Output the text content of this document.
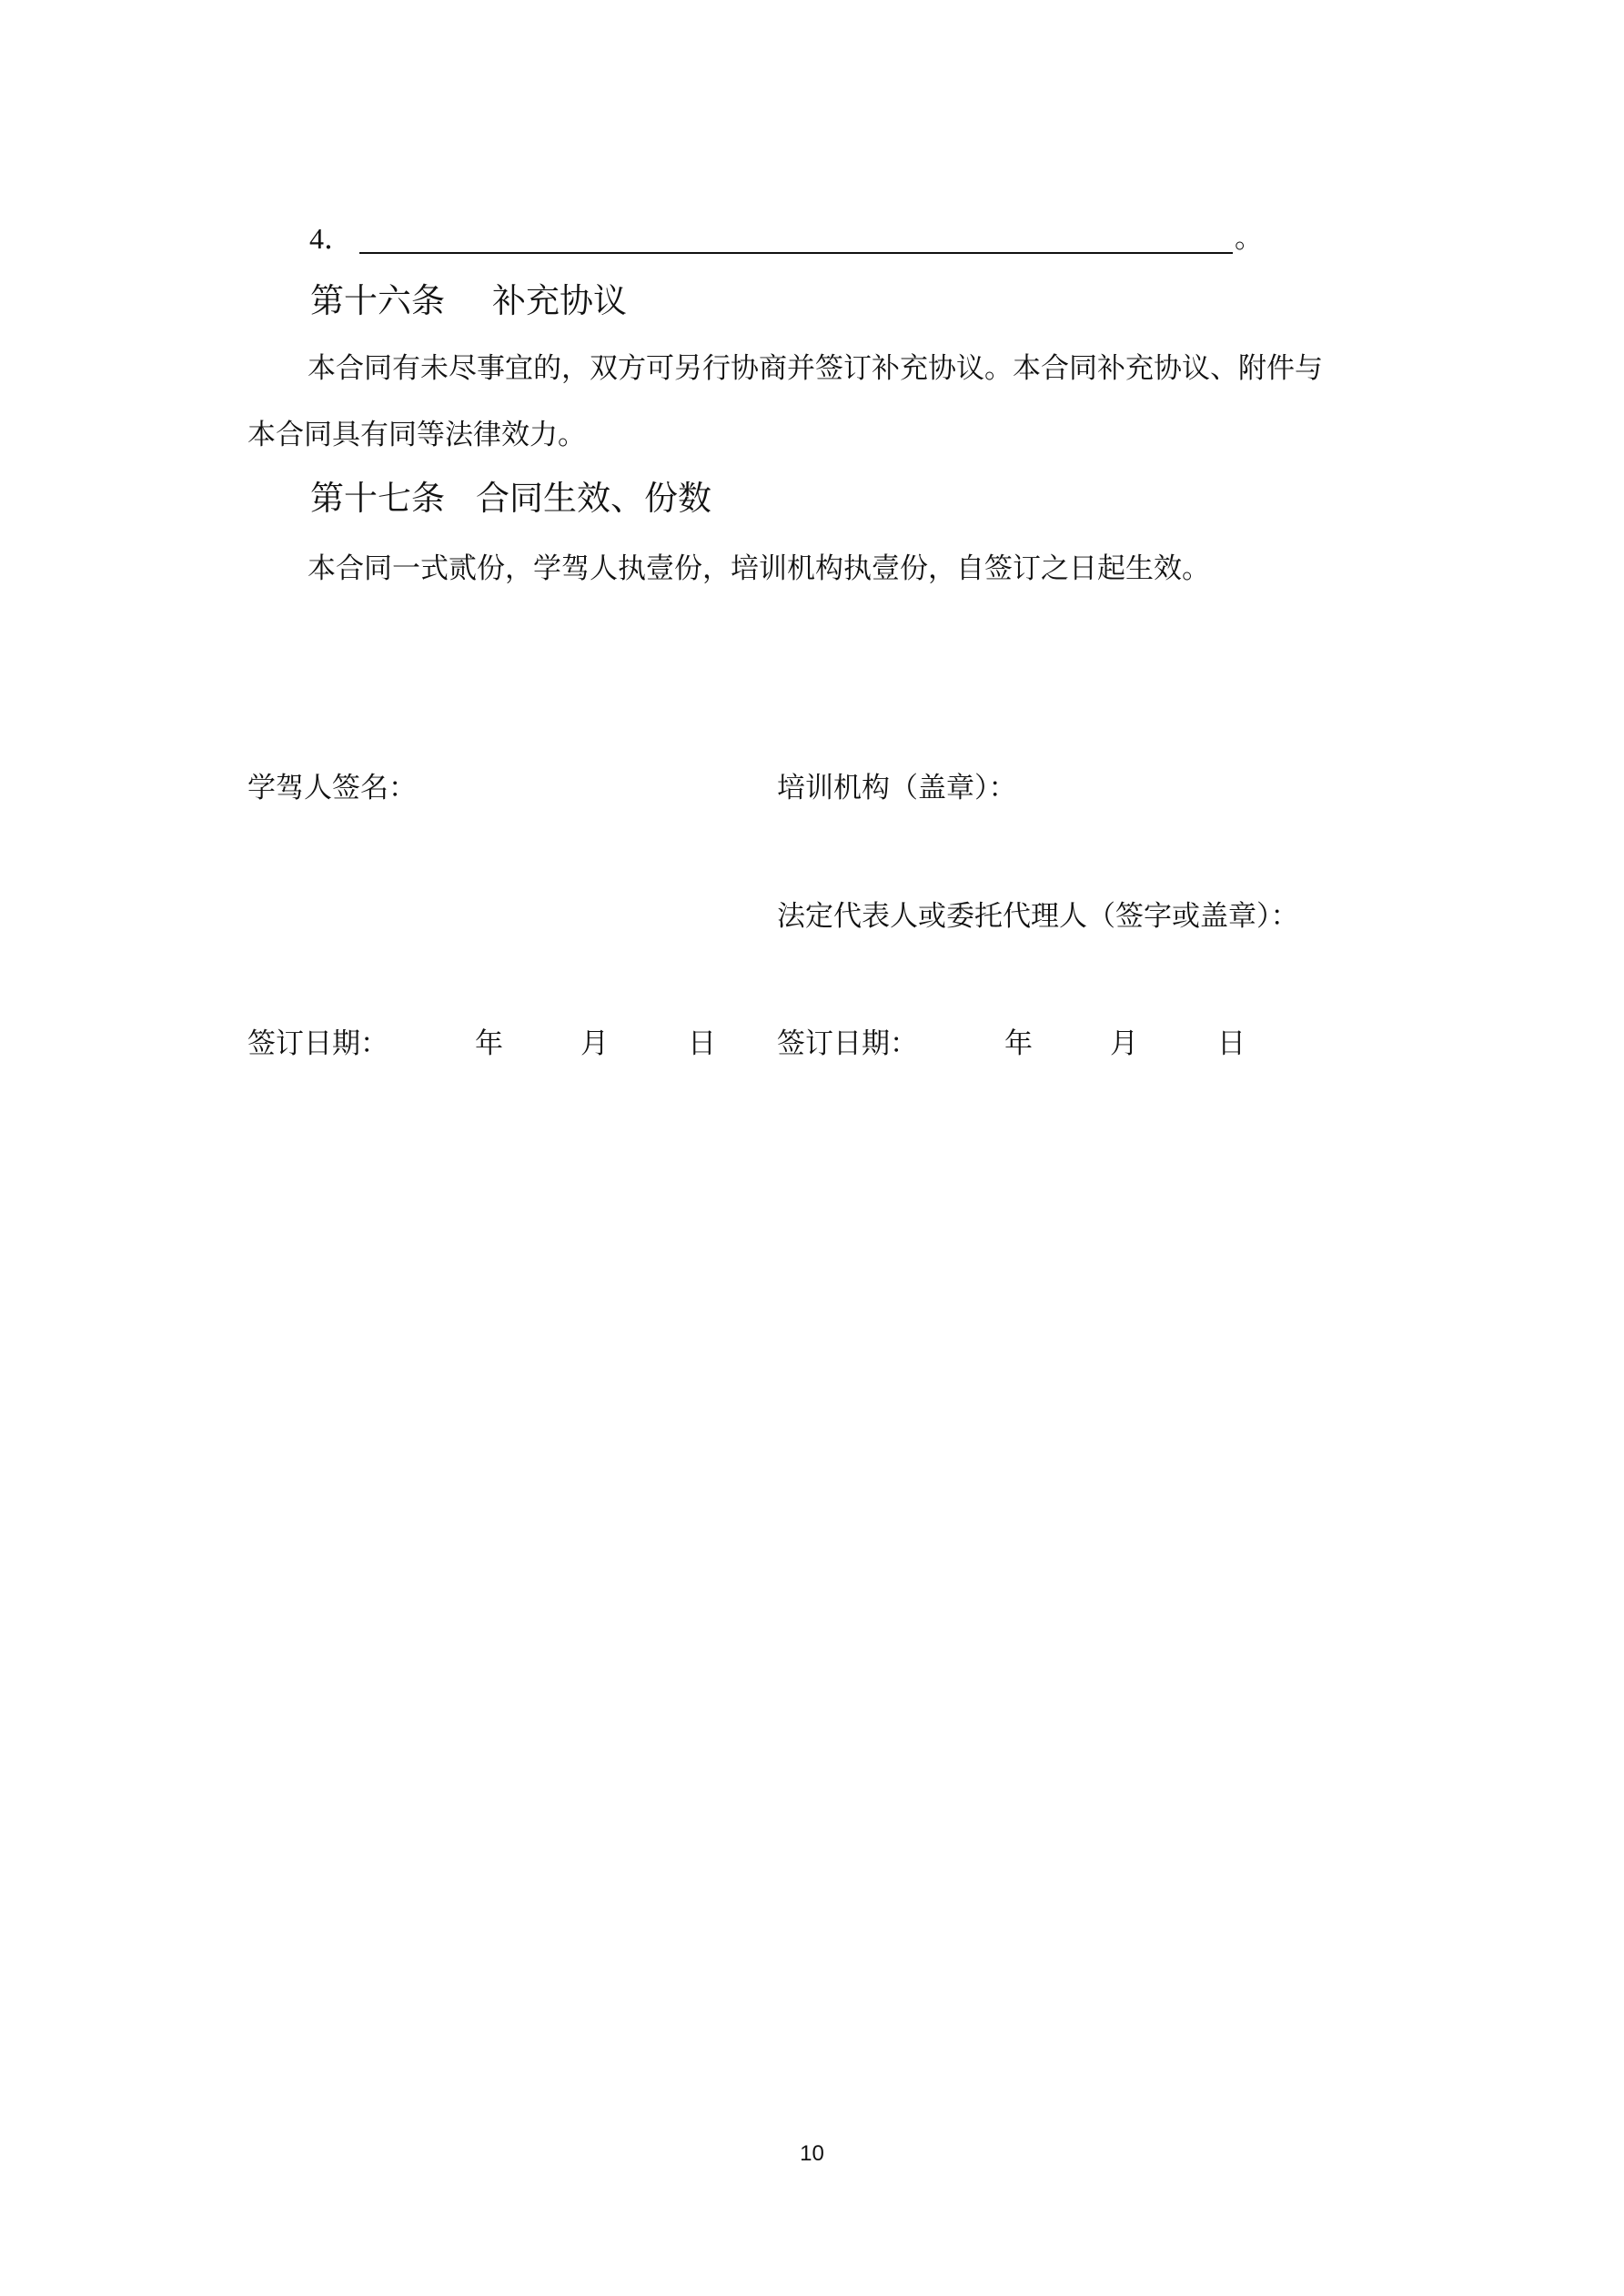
4．	。
第十六条 补充协议
本合同有未尽事宜的，双方可另行协商并签订补充协议。本合同补充协议、附件与
本合同具有同等法律效力。
第十七条 合同生效、份数
本合同一式贰份，学驾人执壹份，培训机构执壹份，自签订之日起生效。
学驾人签名：	培训机构（盖章）：
法定代表人或委托代理人（签字或盖章）：
签订日期：	年	月	日 签订日期：	年	月	日
10
